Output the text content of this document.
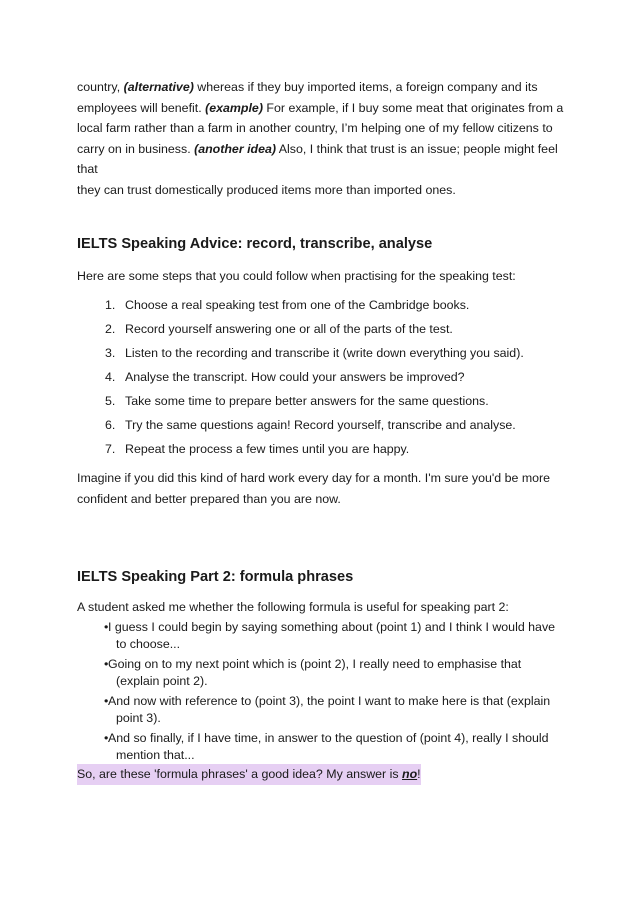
country, (alternative) whereas if they buy imported items, a foreign company and its
employees will benefit. (example) For example, if I buy some meat that originates from a
local farm rather than a farm in another country, I’m helping one of my fellow citizens to
carry on in business. (another idea) Also, I think that trust is an issue; people might feel that
they can trust domestically produced items more than imported ones.
IELTS Speaking Advice: record, transcribe, analyse
Here are some steps that you could follow when practising for the speaking test:
1. Choose a real speaking test from one of the Cambridge books.
2. Record yourself answering one or all of the parts of the test.
3. Listen to the recording and transcribe it (write down everything you said).
4. Analyse the transcript. How could your answers be improved?
5. Take some time to prepare better answers for the same questions.
6. Try the same questions again! Record yourself, transcribe and analyse.
7. Repeat the process a few times until you are happy.
Imagine if you did this kind of hard work every day for a month. I'm sure you'd be more
confident and better prepared than you are now.
IELTS Speaking Part 2: formula phrases
A student asked me whether the following formula is useful for speaking part 2:
• I guess I could begin by saying something about (point 1) and I think I would have
to choose...
• Going on to my next point which is (point 2), I really need to emphasise that
(explain point 2).
• And now with reference to (point 3), the point I want to make here is that (explain
point 3).
• And so finally, if I have time, in answer to the question of (point 4), really I should
mention that...
So, are these 'formula phrases' a good idea? My answer is no!
